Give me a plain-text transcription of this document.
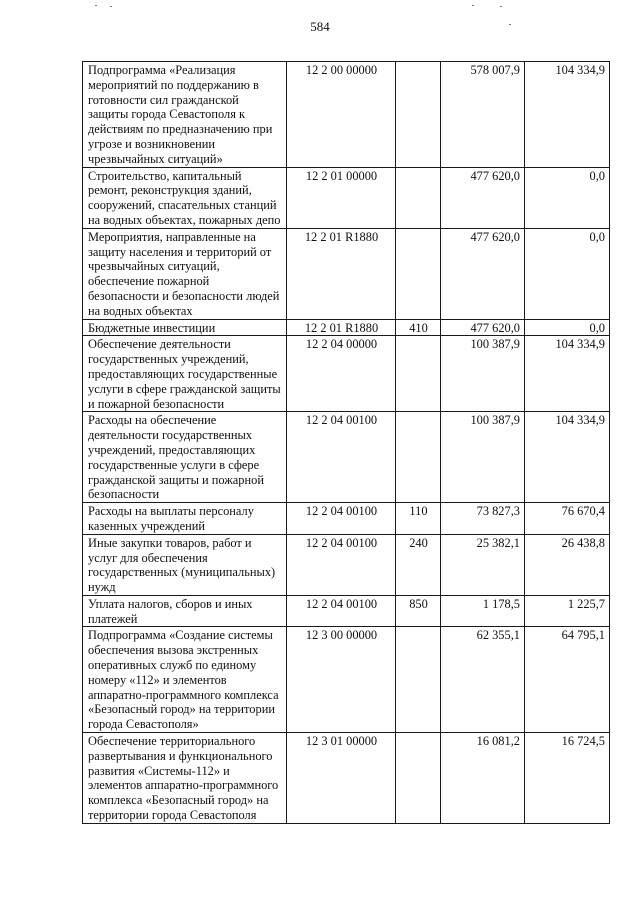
584
Подпрограмма «Реализация мероприятий по поддержанию в готовности сил гражданской защиты города Севастополя к действиям по предназначению при угрозе и возникновении чрезвычайных ситуаций»	12 2 00 00000		578 007,9	104 334,9
Строительство, капитальный ремонт, реконструкция зданий, сооружений, спасательных станций на водных объектах, пожарных депо	12 2 01 00000		477 620,0	0,0
Мероприятия, направленные на защиту населения и территорий от чрезвычайных ситуаций, обеспечение пожарной безопасности и безопасности людей на водных объектах	12 2 01 R1880		477 620,0	0,0
Бюджетные инвестиции	12 2 01 R1880	410	477 620,0	0,0
Обеспечение деятельности государственных учреждений, предоставляющих государственные услуги в сфере гражданской защиты и пожарной безопасности	12 2 04 00000		100 387,9	104 334,9
Расходы на обеспечение деятельности государственных учреждений, предоставляющих государственные услуги в сфере гражданской защиты и пожарной безопасности	12 2 04 00100		100 387,9	104 334,9
Расходы на выплаты персоналу казенных учреждений	12 2 04 00100	110	73 827,3	76 670,4
Иные закупки товаров, работ и услуг для обеспечения государственных (муниципальных) нужд	12 2 04 00100	240	25 382,1	26 438,8
Уплата налогов, сборов и иных платежей	12 2 04 00100	850	1 178,5	1 225,7
Подпрограмма «Создание системы обеспечения вызова экстренных оперативных служб по единому номеру «112» и элементов аппаратно-программного комплекса «Безопасный город» на территории города Севастополя»	12 3 00 00000		62 355,1	64 795,1
Обеспечение территориального развертывания и функционального развития «Системы-112» и элементов аппаратно-программного комплекса «Безопасный город» на территории города Севастополя	12 3 01 00000		16 081,2	16 724,5
